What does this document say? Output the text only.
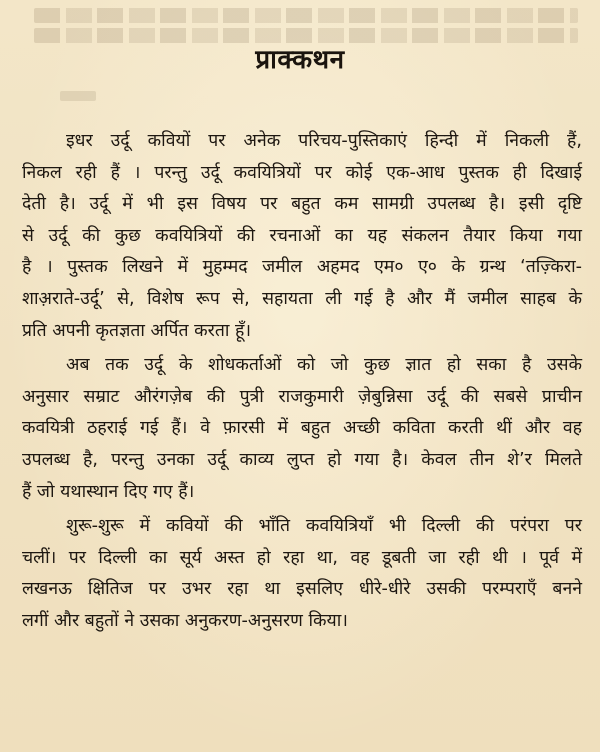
प्राक्कथन

इधर उर्दू कवियों पर अनेक परिचय-पुस्तिकाएं हिन्दी में निकली हैं,
निकल रही हैं । परन्तु उर्दू कवयित्रियों पर कोई एक-आध पुस्तक ही दिखाई
देती है। उर्दू में भी इस विषय पर बहुत कम सामग्री उपलब्ध है। इसी दृष्टि
से उर्दू की कुछ कवयित्रियों की रचनाओं का यह संकलन तैयार किया गया
है । पुस्तक लिखने में मुहम्मद जमील अहमद एम० ए० के ग्रन्थ ‘तज़्किरा-
शाअ़राते-उर्दू’ से, विशेष रूप से, सहायता ली गई है और मैं जमील साहब के
प्रति अपनी कृतज्ञता अर्पित करता हूँ।

अब तक उर्दू के शोधकर्ताओं को जो कुछ ज्ञात हो सका है उसके
अनुसार सम्राट औरंगज़ेब की पुत्री राजकुमारी ज़ेबुन्निसा उर्दू की सबसे प्राचीन
कवयित्री ठहराई गई हैं। वे फ़ारसी में बहुत अच्छी कविता करती थीं और वह
उपलब्ध है, परन्तु उनका उर्दू काव्य लुप्त हो गया है। केवल तीन शे’र मिलते
हैं जो यथास्थान दिए गए हैं।

शुरू-शुरू में कवियों की भाँति कवयित्रियाँ भी दिल्ली की परंपरा पर
चलीं। पर दिल्ली का सूर्य अस्त हो रहा था, वह डूबती जा रही थी । पूर्व में
लखनऊ क्षितिज पर उभर रहा था इसलिए धीरे-धीरे उसकी परम्पराएँ बनने
लगीं और बहुतों ने उसका अनुकरण-अनुसरण किया।
